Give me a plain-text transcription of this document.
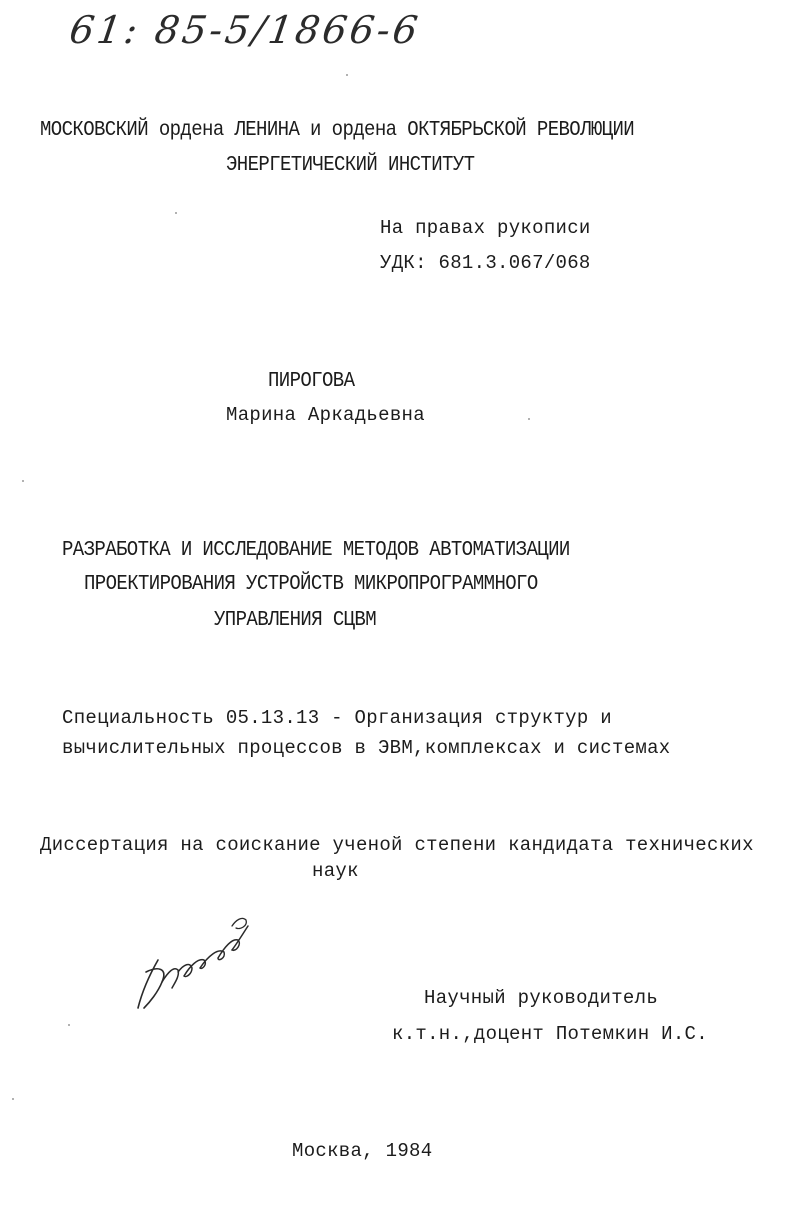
61: 85-5/1866-6
МОСКОВСКИЙ ордена ЛЕНИНА и ордена ОКТЯБРЬСКОЙ РЕВОЛЮЦИИ
ЭНЕРГЕТИЧЕСКИЙ ИНСТИТУТ
На правах рукописи
УДК: 681.3.067/068
ПИРОГОВА
Марина Аркадьевна
РАЗРАБОТКА И ИССЛЕДОВАНИЕ МЕТОДОВ АВТОМАТИЗАЦИИ
ПРОЕКТИРОВАНИЯ УСТРОЙСТВ МИКРОПРОГРАММНОГО
УПРАВЛЕНИЯ СЦВМ
Специальность 05.13.13 - Организация структур и
вычислительных процессов в ЭВМ,комплексах и системах
Диссертация на соискание ученой степени кандидата технических
наук
Научный руководитель
к.т.н.,доцент Потемкин И.С.
Москва, 1984
